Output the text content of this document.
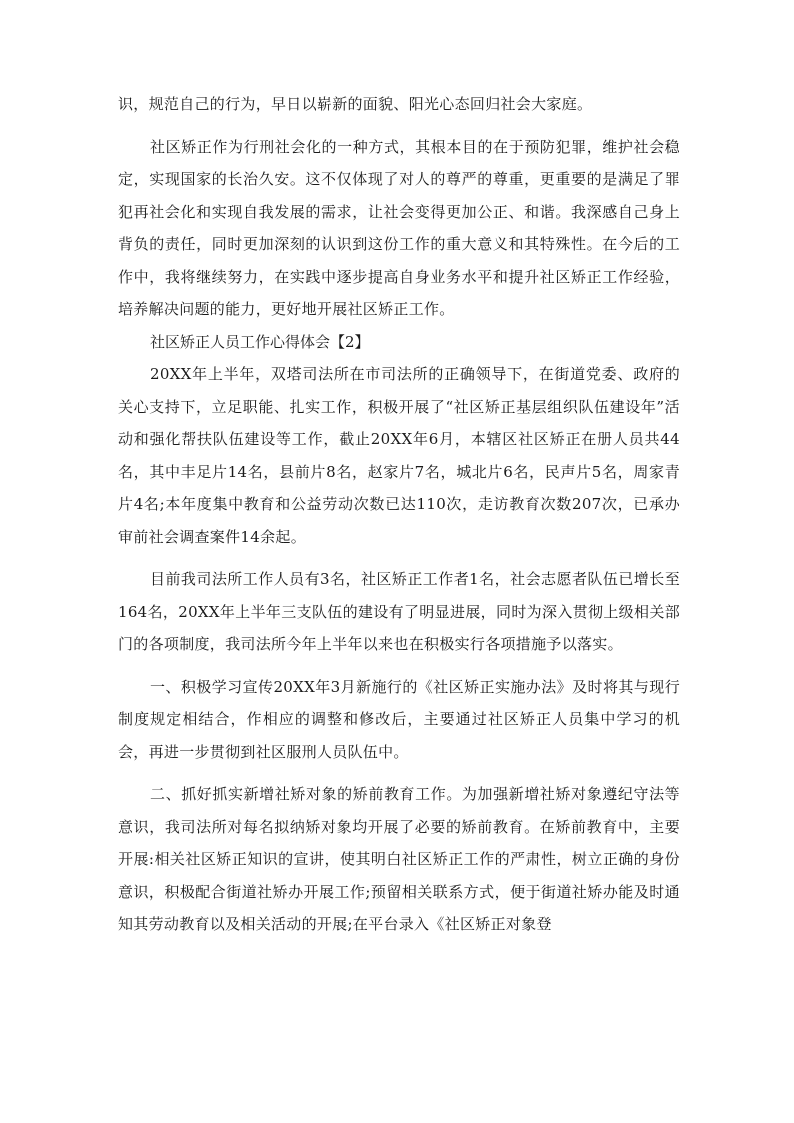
识，规范自己的行为，早日以崭新的面貌、阳光心态回归社会大家庭。

社区矫正作为行刑社会化的一种方式，其根本目的在于预防犯罪，维护社会稳定，实现国家的长治久安。这不仅体现了对人的尊严的尊重，更重要的是满足了罪犯再社会化和实现自我发展的需求，让社会变得更加公正、和谐。我深感自己身上背负的责任，同时更加深刻的认识到这份工作的重大意义和其特殊性。在今后的工作中，我将继续努力，在实践中逐步提高自身业务水平和提升社区矫正工作经验，培养解决问题的能力，更好地开展社区矫正工作。

社区矫正人员工作心得体会【2】

20XX年上半年，双塔司法所在市司法所的正确领导下，在街道党委、政府的关心支持下，立足职能、扎实工作，积极开展了“社区矫正基层组织队伍建设年”活动和强化帮扶队伍建设等工作，截止20XX年6月，本辖区社区矫正在册人员共44名，其中丰足片14名，县前片8名，赵家片7名，城北片6名，民声片5名，周家青片4名;本年度集中教育和公益劳动次数已达110次，走访教育次数207次，已承办审前社会调查案件14余起。

目前我司法所工作人员有3名，社区矫正工作者1名，社会志愿者队伍已增长至164名，20XX年上半年三支队伍的建设有了明显进展，同时为深入贯彻上级相关部门的各项制度，我司法所今年上半年以来也在积极实行各项措施予以落实。

一、积极学习宣传20XX年3月新施行的《社区矫正实施办法》及时将其与现行制度规定相结合，作相应的调整和修改后，主要通过社区矫正人员集中学习的机会，再进一步贯彻到社区服刑人员队伍中。

二、抓好抓实新增社矫对象的矫前教育工作。为加强新增社矫对象遵纪守法等意识，我司法所对每名拟纳矫对象均开展了必要的矫前教育。在矫前教育中，主要开展:相关社区矫正知识的宣讲，使其明白社区矫正工作的严肃性，树立正确的身份意识，积极配合街道社矫办开展工作;预留相关联系方式，便于街道社矫办能及时通知其劳动教育以及相关活动的开展;在平台录入《社区矫正对象登
